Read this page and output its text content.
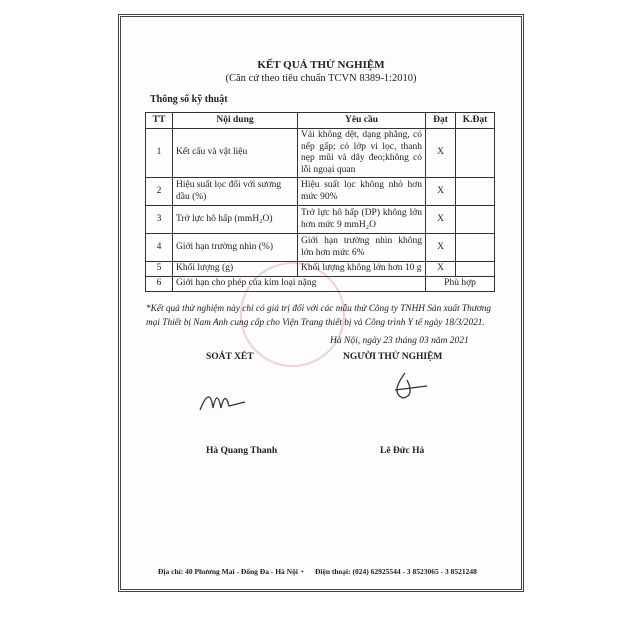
KẾT QUẢ THỬ NGHIỆM
(Căn cứ theo tiêu chuẩn TCVN 8389-1:2010)
Thông số kỹ thuật
TT	Nội dung	Yêu cầu	Đạt	K.Đạt
1	Kết cấu và vật liệu	Vải không dệt, dạng phẳng, có nếp gấp; có lớp vi lọc, thanh nẹp mũi và dây đeo;không có lỗi ngoại quan	X	
2	Hiệu suất lọc đối với sương dầu (%)	Hiệu suất lọc không nhỏ hơn mức 90%	X	
3	Trở lực hô hấp (mmH₂O)	Trở lực hô hấp (DP) không lớn hơn mức 9 mmH₂O	X	
4	Giới hạn trường nhìn (%)	Giới hạn trường nhìn không lớn hơn mức 6%	X	
5	Khối lượng (g)	Khối lượng không lớn hơn 10 g	X	
6	Giới hạn cho phép của kim loại nặng		Phù hợp	
*Kết quả thử nghiệm này chỉ có giá trị đối với các mẫu thử Công ty TNHH Sản xuất Thương mại Thiết bị Nam Anh cung cấp cho Viện Trang thiết bị và Công trình Y tế ngày 18/3/2021.
Hà Nội, ngày 23 tháng 03 năm 2021
SOÁT XÉT	NGƯỜI THỬ NGHIỆM
Hà Quang Thanh	Lê Đức Hà
Địa chỉ: 40 Phương Mai - Đống Đa - Hà Nội • Điện thoại: (024) 62925544 - 3 8523065 - 3 8521248
